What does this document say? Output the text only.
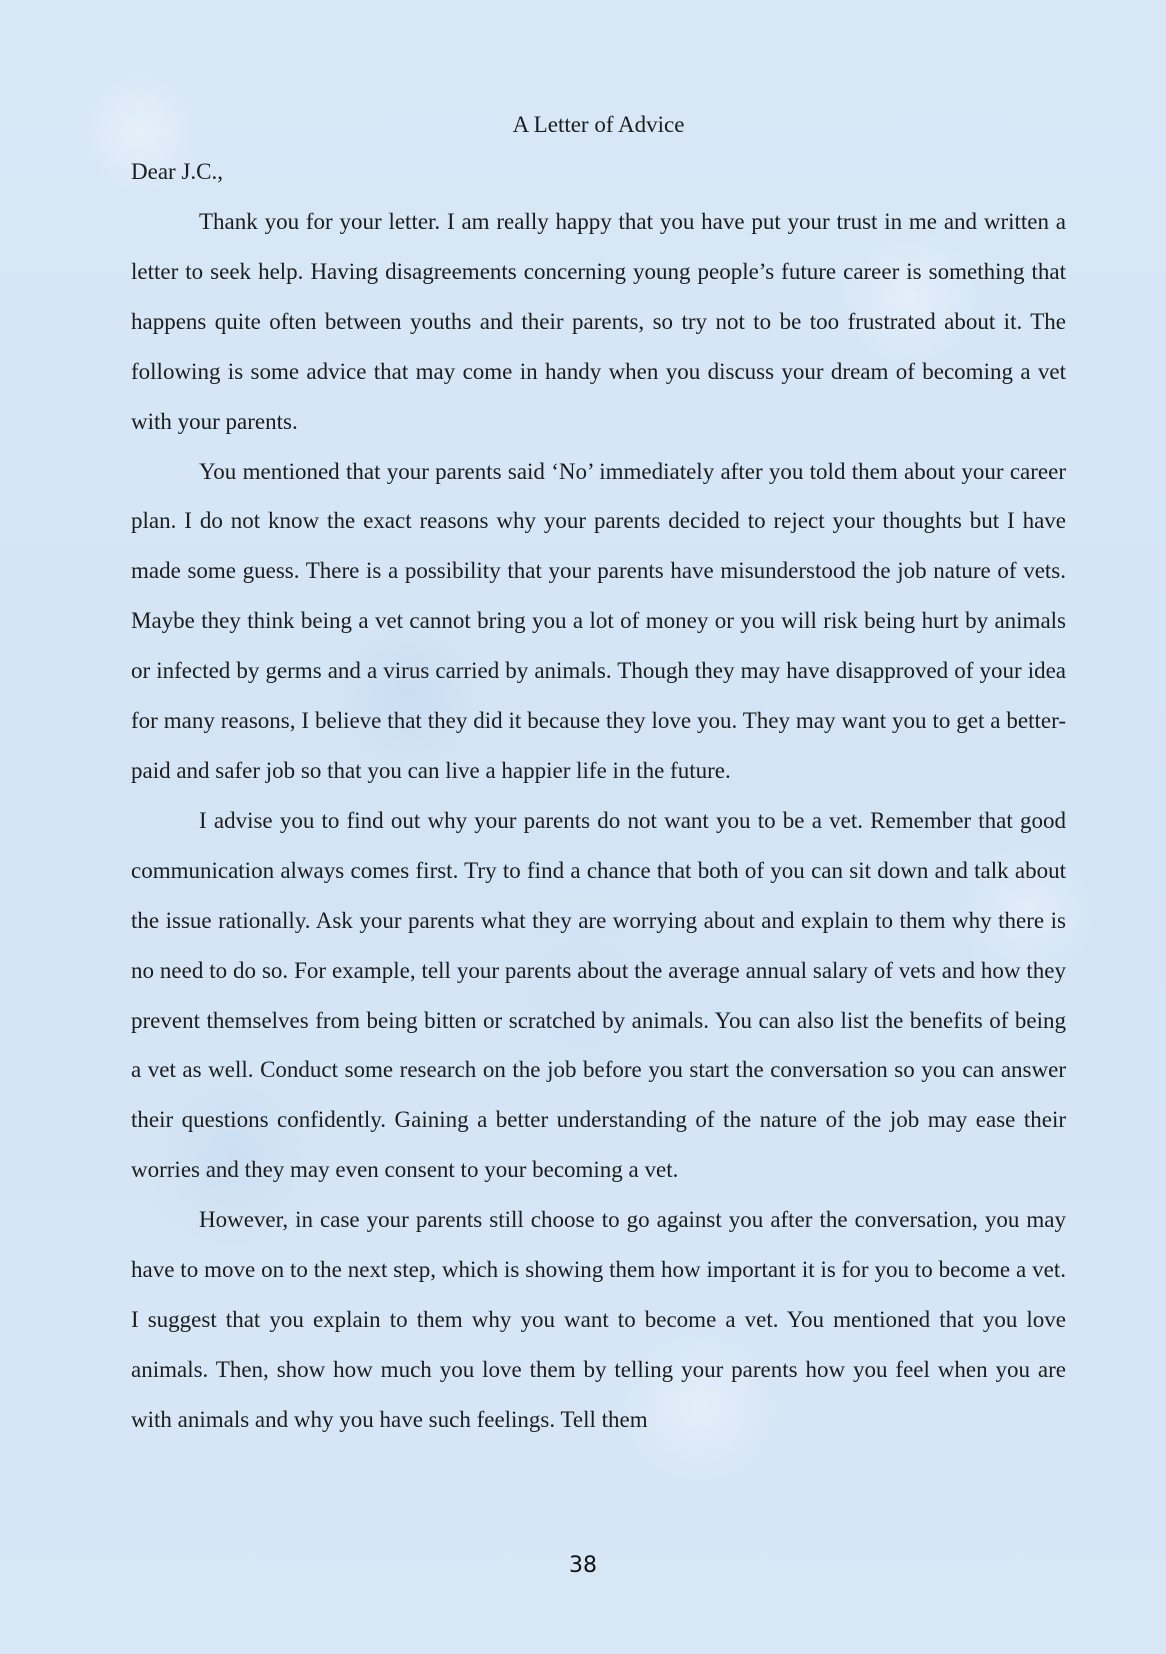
A Letter of Advice

Dear J.C.,

Thank you for your letter. I am really happy that you have put your trust in me and written a letter to seek help. Having disagreements concerning young people’s future career is something that happens quite often between youths and their parents, so try not to be too frustrated about it. The following is some advice that may come in handy when you discuss your dream of becoming a vet with your parents.

You mentioned that your parents said ‘No’ immediately after you told them about your career plan. I do not know the exact reasons why your parents decided to reject your thoughts but I have made some guess. There is a possibility that your parents have misunderstood the job nature of vets. Maybe they think being a vet cannot bring you a lot of money or you will risk being hurt by animals or infected by germs and a virus carried by animals. Though they may have disapproved of your idea for many reasons, I believe that they did it because they love you. They may want you to get a better-paid and safer job so that you can live a happier life in the future.

I advise you to find out why your parents do not want you to be a vet. Remember that good communication always comes first. Try to find a chance that both of you can sit down and talk about the issue rationally. Ask your parents what they are worrying about and explain to them why there is no need to do so. For example, tell your parents about the average annual salary of vets and how they prevent themselves from being bitten or scratched by animals. You can also list the benefits of being a vet as well. Conduct some research on the job before you start the conversation so you can answer their questions confidently. Gaining a better understanding of the nature of the job may ease their worries and they may even consent to your becoming a vet.

However, in case your parents still choose to go against you after the conversation, you may have to move on to the next step, which is showing them how important it is for you to become a vet. I suggest that you explain to them why you want to become a vet. You mentioned that you love animals. Then, show how much you love them by telling your parents how you feel when you are with animals and why you have such feelings. Tell them

38
